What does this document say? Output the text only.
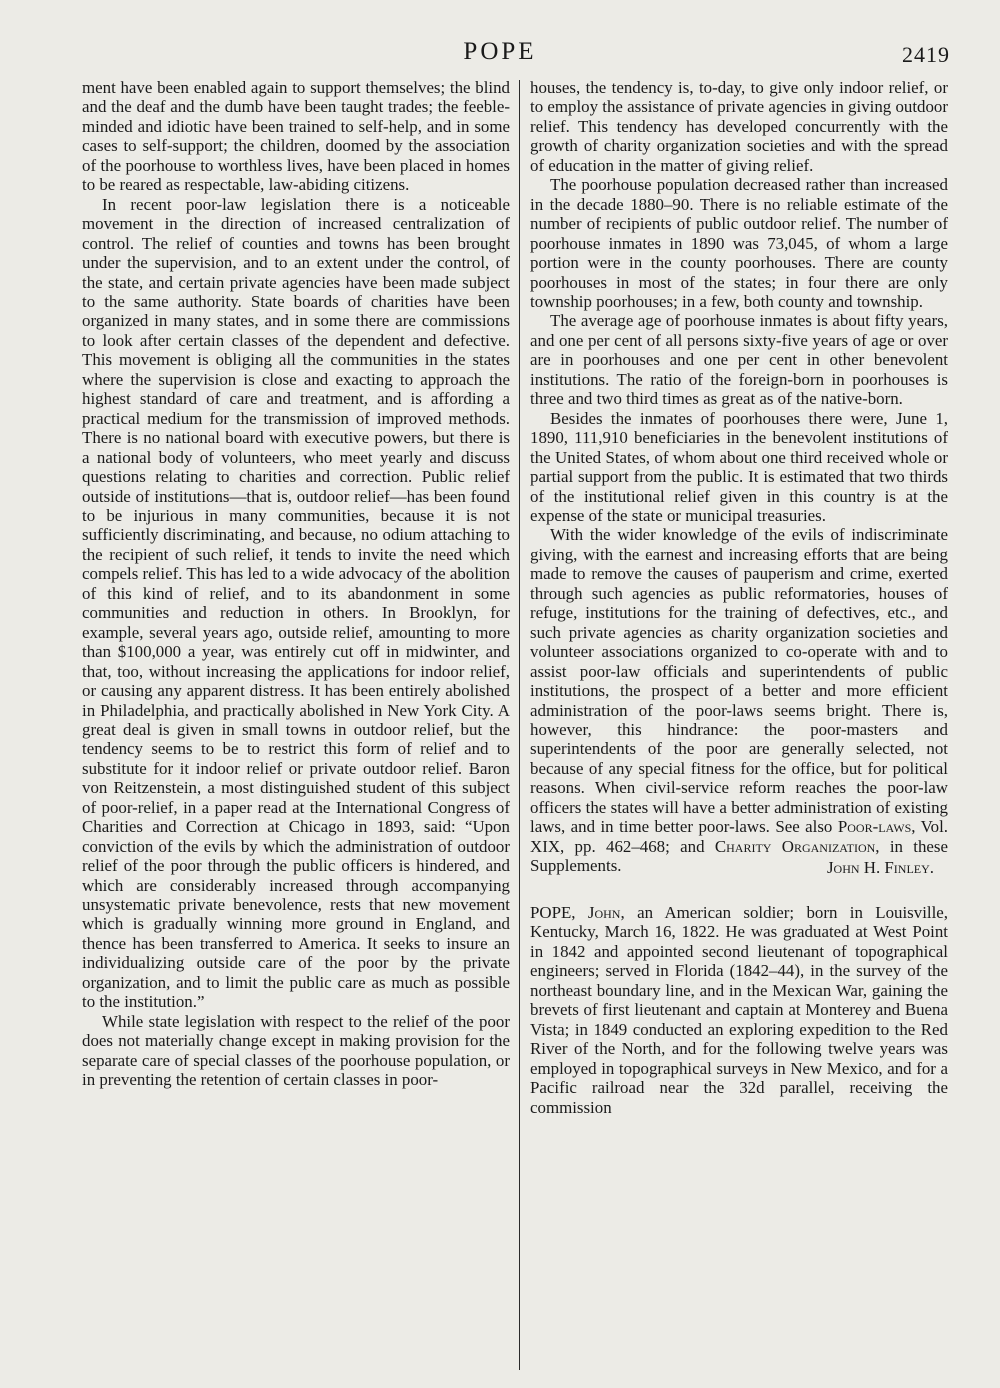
POPE	2419

ment have been enabled again to support themselves; the blind and the deaf and the dumb have been taught trades; the feeble-minded and idiotic have been trained to self-help, and in some cases to self-support; the children, doomed by the association of the poorhouse to worthless lives, have been placed in homes to be reared as respectable, law-abiding citizens.

In recent poor-law legislation there is a noticeable movement in the direction of increased centralization of control. The relief of counties and towns has been brought under the supervision, and to an extent under the control, of the state, and certain private agencies have been made subject to the same authority. State boards of charities have been organized in many states, and in some there are commissions to look after certain classes of the dependent and defective. This movement is obliging all the communities in the states where the supervision is close and exacting to approach the highest standard of care and treatment, and is affording a practical medium for the transmission of improved methods. There is no national board with executive powers, but there is a national body of volunteers, who meet yearly and discuss questions relating to charities and correction. Public relief outside of institutions—that is, outdoor relief—has been found to be injurious in many communities, because it is not sufficiently discriminating, and because, no odium attaching to the recipient of such relief, it tends to invite the need which compels relief. This has led to a wide advocacy of the abolition of this kind of relief, and to its abandonment in some communities and reduction in others. In Brooklyn, for example, several years ago, outside relief, amounting to more than $100,000 a year, was entirely cut off in midwinter, and that, too, without increasing the applications for indoor relief, or causing any apparent distress. It has been entirely abolished in Philadelphia, and practically abolished in New York City. A great deal is given in small towns in outdoor relief, but the tendency seems to be to restrict this form of relief and to substitute for it indoor relief or private outdoor relief. Baron von Reitzenstein, a most distinguished student of this subject of poor-relief, in a paper read at the International Congress of Charities and Correction at Chicago in 1893, said: “Upon conviction of the evils by which the administration of outdoor relief of the poor through the public officers is hindered, and which are considerably increased through accompanying unsystematic private benevolence, rests that new movement which is gradually winning more ground in England, and thence has been transferred to America. It seeks to insure an individualizing outside care of the poor by the private organization, and to limit the public care as much as possible to the institution.”

While state legislation with respect to the relief of the poor does not materially change except in making provision for the separate care of special classes of the poorhouse population, or in preventing the retention of certain classes in poor-

houses, the tendency is, to-day, to give only indoor relief, or to employ the assistance of private agencies in giving outdoor relief. This tendency has developed concurrently with the growth of charity organization societies and with the spread of education in the matter of giving relief.

The poorhouse population decreased rather than increased in the decade 1880–90. There is no reliable estimate of the number of recipients of public outdoor relief. The number of poorhouse inmates in 1890 was 73,045, of whom a large portion were in the county poorhouses. There are county poorhouses in most of the states; in four there are only township poorhouses; in a few, both county and township.

The average age of poorhouse inmates is about fifty years, and one per cent of all persons sixty-five years of age or over are in poorhouses and one per cent in other benevolent institutions. The ratio of the foreign-born in poorhouses is three and two third times as great as of the native-born.

Besides the inmates of poorhouses there were, June 1, 1890, 111,910 beneficiaries in the benevolent institutions of the United States, of whom about one third received whole or partial support from the public. It is estimated that two thirds of the institutional relief given in this country is at the expense of the state or municipal treasuries.

With the wider knowledge of the evils of indiscriminate giving, with the earnest and increasing efforts that are being made to remove the causes of pauperism and crime, exerted through such agencies as public reformatories, houses of refuge, institutions for the training of defectives, etc., and such private agencies as charity organization societies and volunteer associations organized to co-operate with and to assist poor-law officials and superintendents of public institutions, the prospect of a better and more efficient administration of the poor-laws seems bright. There is, however, this hindrance: the poor-masters and superintendents of the poor are generally selected, not because of any special fitness for the office, but for political reasons. When civil-service reform reaches the poor-law officers the states will have a better administration of existing laws, and in time better poor-laws. See also Poor-laws, Vol. XIX, pp. 462–468; and Charity Organization, in these Supplements.	John H. Finley.

POPE, John, an American soldier; born in Louisville, Kentucky, March 16, 1822. He was graduated at West Point in 1842 and appointed second lieutenant of topographical engineers; served in Florida (1842–44), in the survey of the northeast boundary line, and in the Mexican War, gaining the brevets of first lieutenant and captain at Monterey and Buena Vista; in 1849 conducted an exploring expedition to the Red River of the North, and for the following twelve years was employed in topographical surveys in New Mexico, and for a Pacific railroad near the 32d parallel, receiving the commission
